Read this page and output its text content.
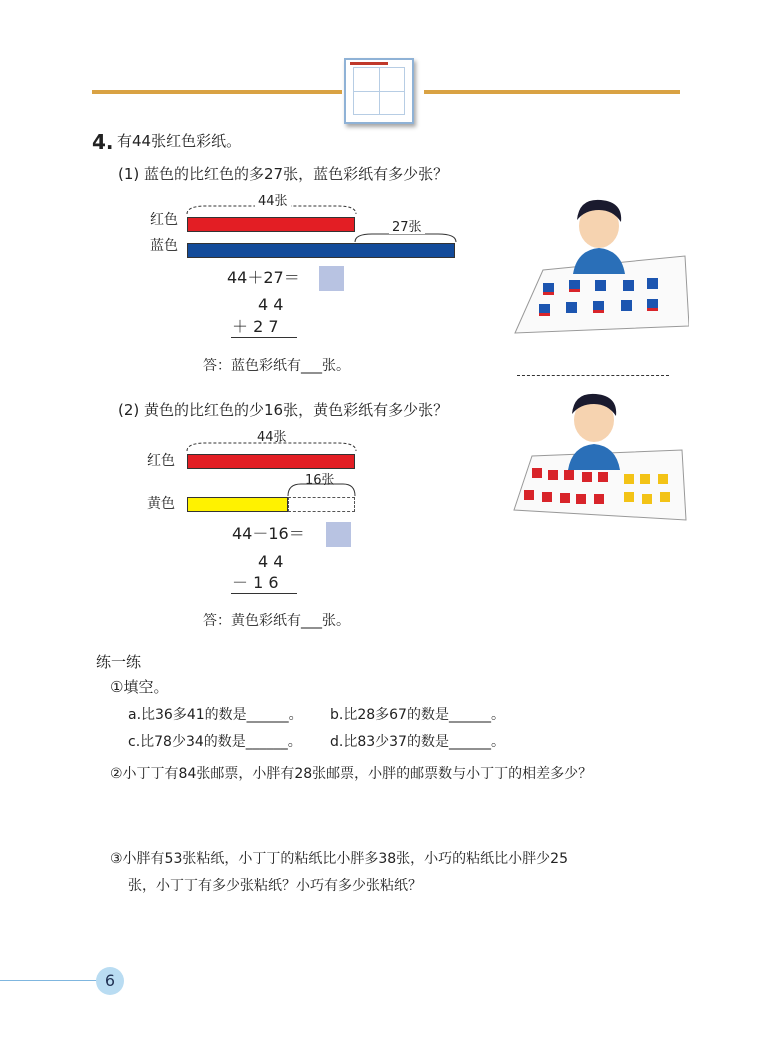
4. 有44张红色彩纸。
(1) 蓝色的比红色的多27张，蓝色彩纸有多少张？
红色
蓝色
44张
27张
44＋27＝
4 4
＋ 2 7
答：蓝色彩纸有___张。
(2) 黄色的比红色的少16张，黄色彩纸有多少张？
44张
红色
16张
黄色
44－16＝
4 4
－ 1 6
答：黄色彩纸有___张。
练一练
①填空。
a.比36多41的数是______。 b.比28多67的数是______。
c.比78少34的数是______。 d.比83少37的数是______。
②小丁丁有84张邮票，小胖有28张邮票，小胖的邮票数与小丁丁的相差多少？
③小胖有53张粘纸，小丁丁的粘纸比小胖多38张，小巧的粘纸比小胖少25
张，小丁丁有多少张粘纸？小巧有多少张粘纸？
6
